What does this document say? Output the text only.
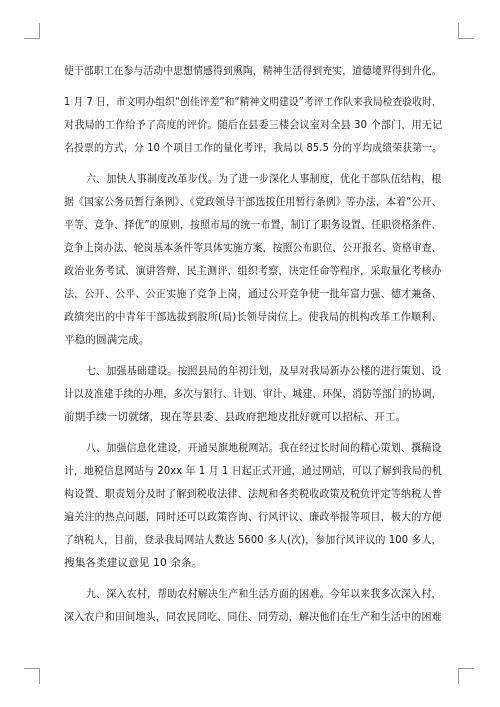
使干部职工在参与活动中思想情感得到熏陶，精神生活得到充实，道德境界得到升化。
1 月 7 日，市文明办组织“创佳评差”和“精神文明建设”考评工作队来我局检查验收时，
对我局的工作给予了高度的评价。随后在县委三楼会议室对全县 30 个部门，用无记
名投票的方式，分 10 个项目工作的量化考评，我局以 85.5 分的平均成绩荣获第一。
六、加快人事制度改革步伐。为了进一步深化人事制度，优化干部队伍结构，根
据《国家公务员暂行条例》、《党政领导干部选拔任用暂行条例》等办法，本着“公开、
平等、竞争、择优”的原则，按照市局的统一布置，制订了职务设置、任职资格条件、
竞争上岗办法、轮岗基本条件等具体实施方案，按照公布职位、公开报名、资格审查、
政治业务考试、演讲答辩、民主测评、组织考察，决定任命等程序，采取量化考核办
法，公开、公平、公正实施了竞争上岗，通过公开竞争使一批年富力强、德才兼备、
政绩突出的中青年干部选拔到股所(局)长领导岗位上。使我局的机构改革工作顺利、
平稳的圆满完成。
七、加强基础建设。按照县局的年初计划，及早对我局新办公楼的进行策划、设
计以及准建手续的办理，多次与银行、计划、审计、城建、环保、消防等部门的协调，
前期手续一切就绪，现在等县委、县政府把地皮批好就可以招标、开工。
八、加强信息化建设，开通吴旗地税网站。我在经过长时间的精心策划、撰稿设
计，地税信息网站与 20xx 年 1 月 1 日起正式开通，通过网站，可以了解到我局的机
构设置、职责划分及时了解到税收法律、法规和各类税收政策及税负评定等纳税人普
遍关注的热点问题，同时还可以政策咨询、行风评议、廉政举报等项目，极大的方便
了纳税人，目前，登录我局网站人数达 5600 多人(次)，参加行风评议的 100 多人，
搜集各类建议意见 10 余条。
九、深入农村，帮助农村解决生产和生活方面的困难。今年以来我多次深入村，
深入农户和田间地头，同农民同吃、同住、同劳动，解决他们在生产和生活中的困难
